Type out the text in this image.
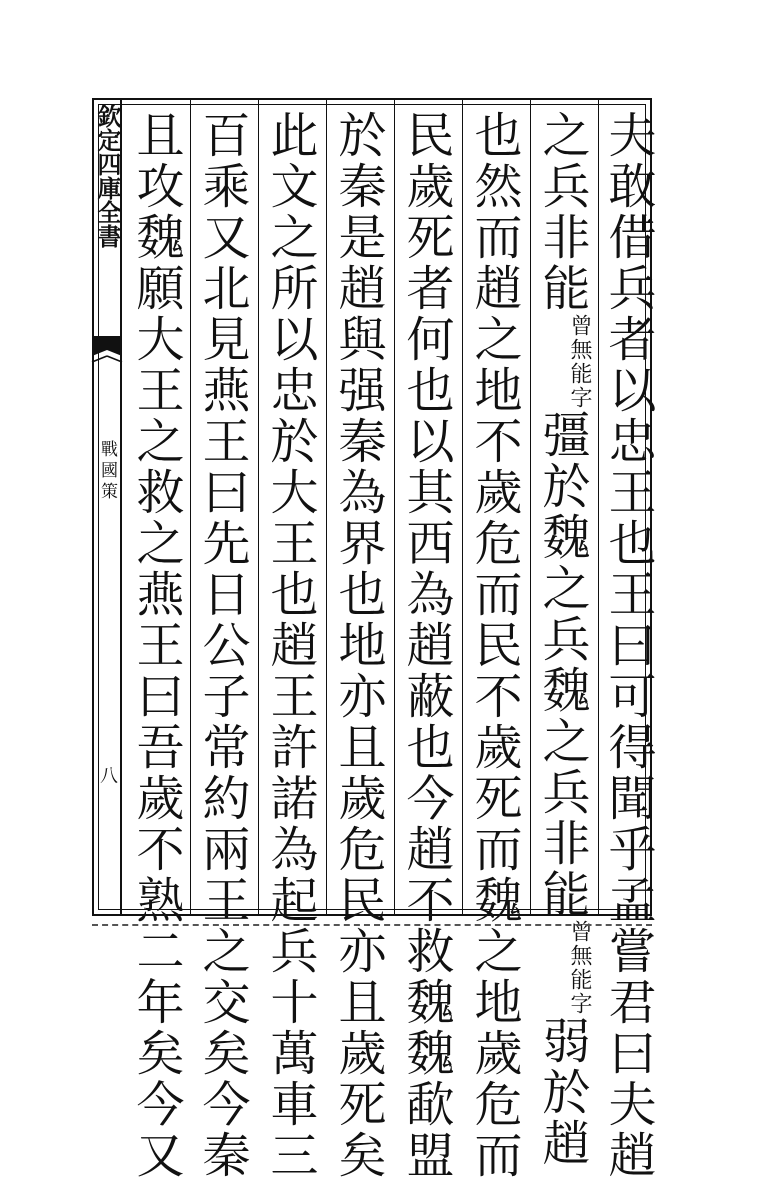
欽定四庫全書
戰國策
八	夫敢借兵者以忠王也王曰可得聞乎孟嘗君曰夫趙
之兵非能曾無能字彊於魏之兵魏之兵非能曾無能字弱於趙
也然而趙之地不歲危而民不歲死而魏之地歲危而
民歲死者何也以其西為趙蔽也今趙不救魏魏歃盟
於秦是趙與强秦為界也地亦且歲危民亦且歲死矣
此文之所以忠於大王也趙王許諾為起兵十萬車三
百乘又北見燕王曰先日公子常約兩王之交矣今秦
且攻魏願大王之救之燕王曰吾歲不熟二年矣今又
